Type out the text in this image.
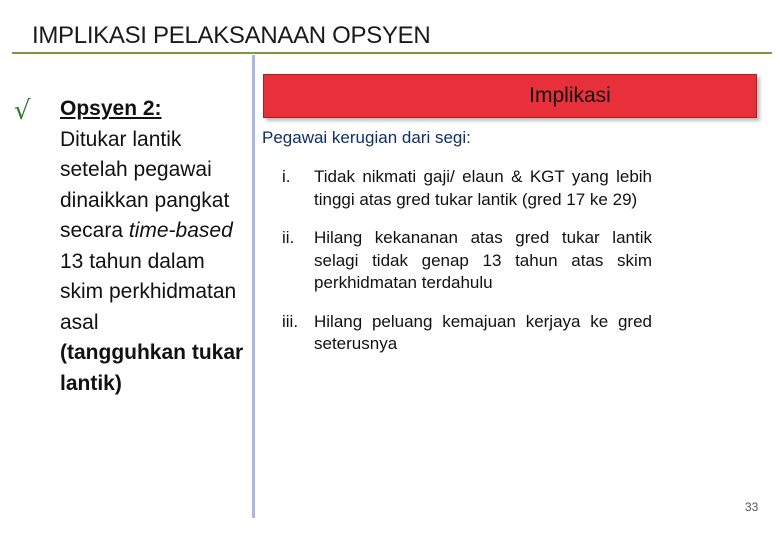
IMPLIKASI PELAKSANAAN OPSYEN
√ Opsyen 2:
Ditukar lantik setelah pegawai dinaikkan pangkat secara time-based 13 tahun dalam skim perkhidmatan asal
(tangguhkan tukar lantik)
Implikasi
Pegawai kerugian dari segi:
i.	Tidak nikmati gaji/ elaun & KGT yang lebih tinggi atas gred tukar lantik (gred 17 ke 29)
ii.	Hilang kekananan atas gred tukar lantik selagi tidak genap 13 tahun atas skim perkhidmatan terdahulu
iii. Hilang peluang kemajuan kerjaya ke gred seterusnya
33
